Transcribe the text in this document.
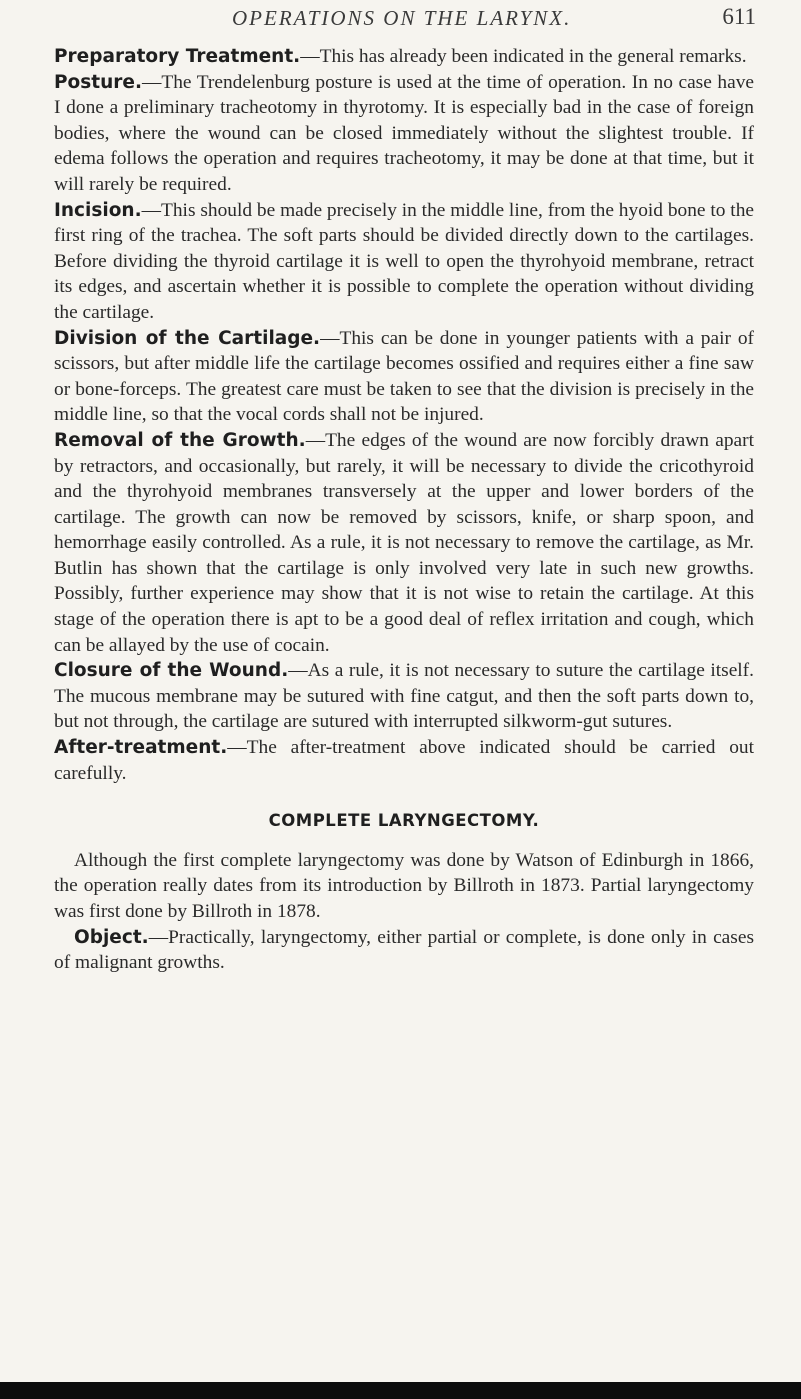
OPERATIONS ON THE LARYNX.	611

Preparatory Treatment.—This has already been indicated in the general remarks.

Posture.—The Trendelenburg posture is used at the time of operation. In no case have I done a preliminary tracheotomy in thyrotomy. It is especially bad in the case of foreign bodies, where the wound can be closed immediately without the slightest trouble. If edema follows the operation and requires tracheotomy, it may be done at that time, but it will rarely be required.

Incision.—This should be made precisely in the middle line, from the hyoid bone to the first ring of the trachea. The soft parts should be divided directly down to the cartilages. Before dividing the thyroid cartilage it is well to open the thyrohyoid membrane, retract its edges, and ascertain whether it is possible to complete the operation without dividing the cartilage.

Division of the Cartilage.—This can be done in younger patients with a pair of scissors, but after middle life the cartilage becomes ossified and requires either a fine saw or bone-forceps. The greatest care must be taken to see that the division is precisely in the middle line, so that the vocal cords shall not be injured.

Removal of the Growth.—The edges of the wound are now forcibly drawn apart by retractors, and occasionally, but rarely, it will be necessary to divide the cricothyroid and the thyrohyoid membranes transversely at the upper and lower borders of the cartilage. The growth can now be removed by scissors, knife, or sharp spoon, and hemorrhage easily controlled. As a rule, it is not necessary to remove the cartilage, as Mr. Butlin has shown that the cartilage is only involved very late in such new growths. Possibly, further experience may show that it is not wise to retain the cartilage. At this stage of the operation there is apt to be a good deal of reflex irritation and cough, which can be allayed by the use of cocain.

Closure of the Wound.—As a rule, it is not necessary to suture the cartilage itself. The mucous membrane may be sutured with fine catgut, and then the soft parts down to, but not through, the cartilage are sutured with interrupted silkworm-gut sutures.

After-treatment.—The after-treatment above indicated should be carried out carefully.

COMPLETE LARYNGECTOMY.

Although the first complete laryngectomy was done by Watson of Edinburgh in 1866, the operation really dates from its introduction by Billroth in 1873. Partial laryngectomy was first done by Billroth in 1878.

Object.—Practically, laryngectomy, either partial or complete, is done only in cases of malignant growths.
